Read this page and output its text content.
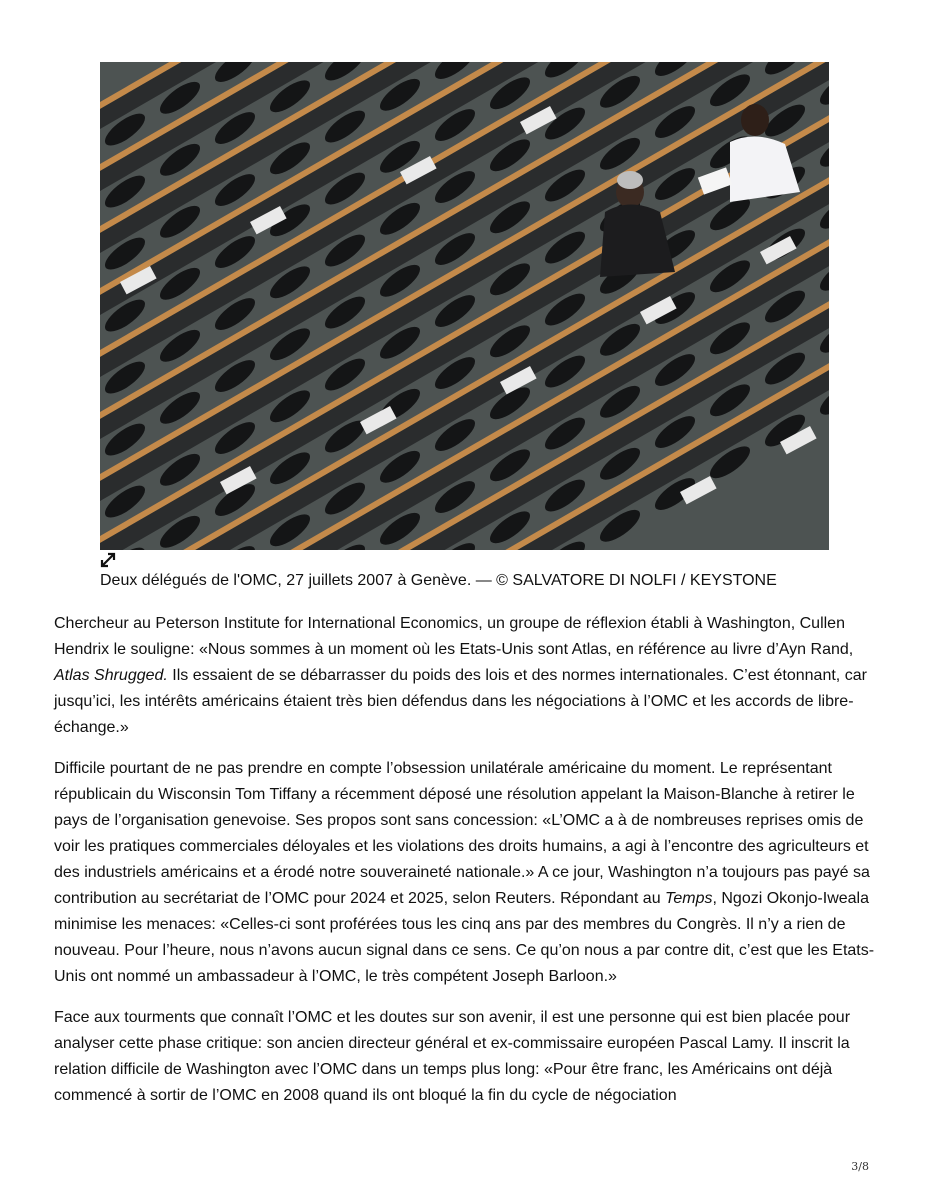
Deux délégués de l'OMC, 27 juillets 2007 à Genève. — © SALVATORE DI NOLFI / KEYSTONE

Chercheur au Peterson Institute for International Economics, un groupe de réflexion établi à Washington, Cullen Hendrix le souligne: «Nous sommes à un moment où les Etats-Unis sont Atlas, en référence au livre d’Ayn Rand, Atlas Shrugged. Ils essaient de se débarrasser du poids des lois et des normes internationales. C’est étonnant, car jusqu’ici, les intérêts américains étaient très bien défendus dans les négociations à l’OMC et les accords de libre-échange.»

Difficile pourtant de ne pas prendre en compte l’obsession unilatérale américaine du moment. Le représentant républicain du Wisconsin Tom Tiffany a récemment déposé une résolution appelant la Maison-Blanche à retirer le pays de l’organisation genevoise. Ses propos sont sans concession: «L’OMC a à de nombreuses reprises omis de voir les pratiques commerciales déloyales et les violations des droits humains, a agi à l’encontre des agriculteurs et des industriels américains et a érodé notre souveraineté nationale.» A ce jour, Washington n’a toujours pas payé sa contribution au secrétariat de l’OMC pour 2024 et 2025, selon Reuters. Répondant au Temps, Ngozi Okonjo-Iweala minimise les menaces: «Celles-ci sont proférées tous les cinq ans par des membres du Congrès. Il n’y a rien de nouveau. Pour l’heure, nous n’avons aucun signal dans ce sens. Ce qu’on nous a par contre dit, c’est que les Etats-Unis ont nommé un ambassadeur à l’OMC, le très compétent Joseph Barloon.»

Face aux tourments que connaît l’OMC et les doutes sur son avenir, il est une personne qui est bien placée pour analyser cette phase critique: son ancien directeur général et ex-commissaire européen Pascal Lamy. Il inscrit la relation difficile de Washington avec l’OMC dans un temps plus long: «Pour être franc, les Américains ont déjà commencé à sortir de l’OMC en 2008 quand ils ont bloqué la fin du cycle de négociation

3/8
